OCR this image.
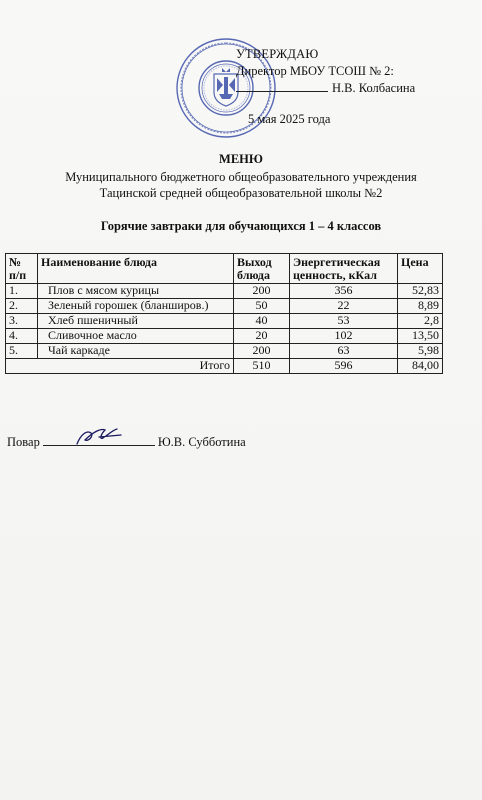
УТВЕРЖДАЮ
Директор МБОУ ТСОШ № 2:
Н.В. Колбасина
5 мая 2025 года
МЕНЮ
Муниципального бюджетного общеобразовательного учреждения
Тацинской средней общеобразовательной школы №2
Горячие завтраки для обучающихся 1 – 4 классов
№ п/п	Наименование блюда	Выход блюда	Энергетическая ценность, кКал	Цена
1.	Плов с мясом курицы	200	356	52,83
2.	Зеленый горошек (бланширов.)	50	22	8,89
3.	Хлеб пшеничный	40	53	2,8
4.	Сливочное масло	20	102	13,50
5.	Чай каркаде	200	63	5,98
Итого		510	596	84,00
Повар	Ю.В. Субботина
